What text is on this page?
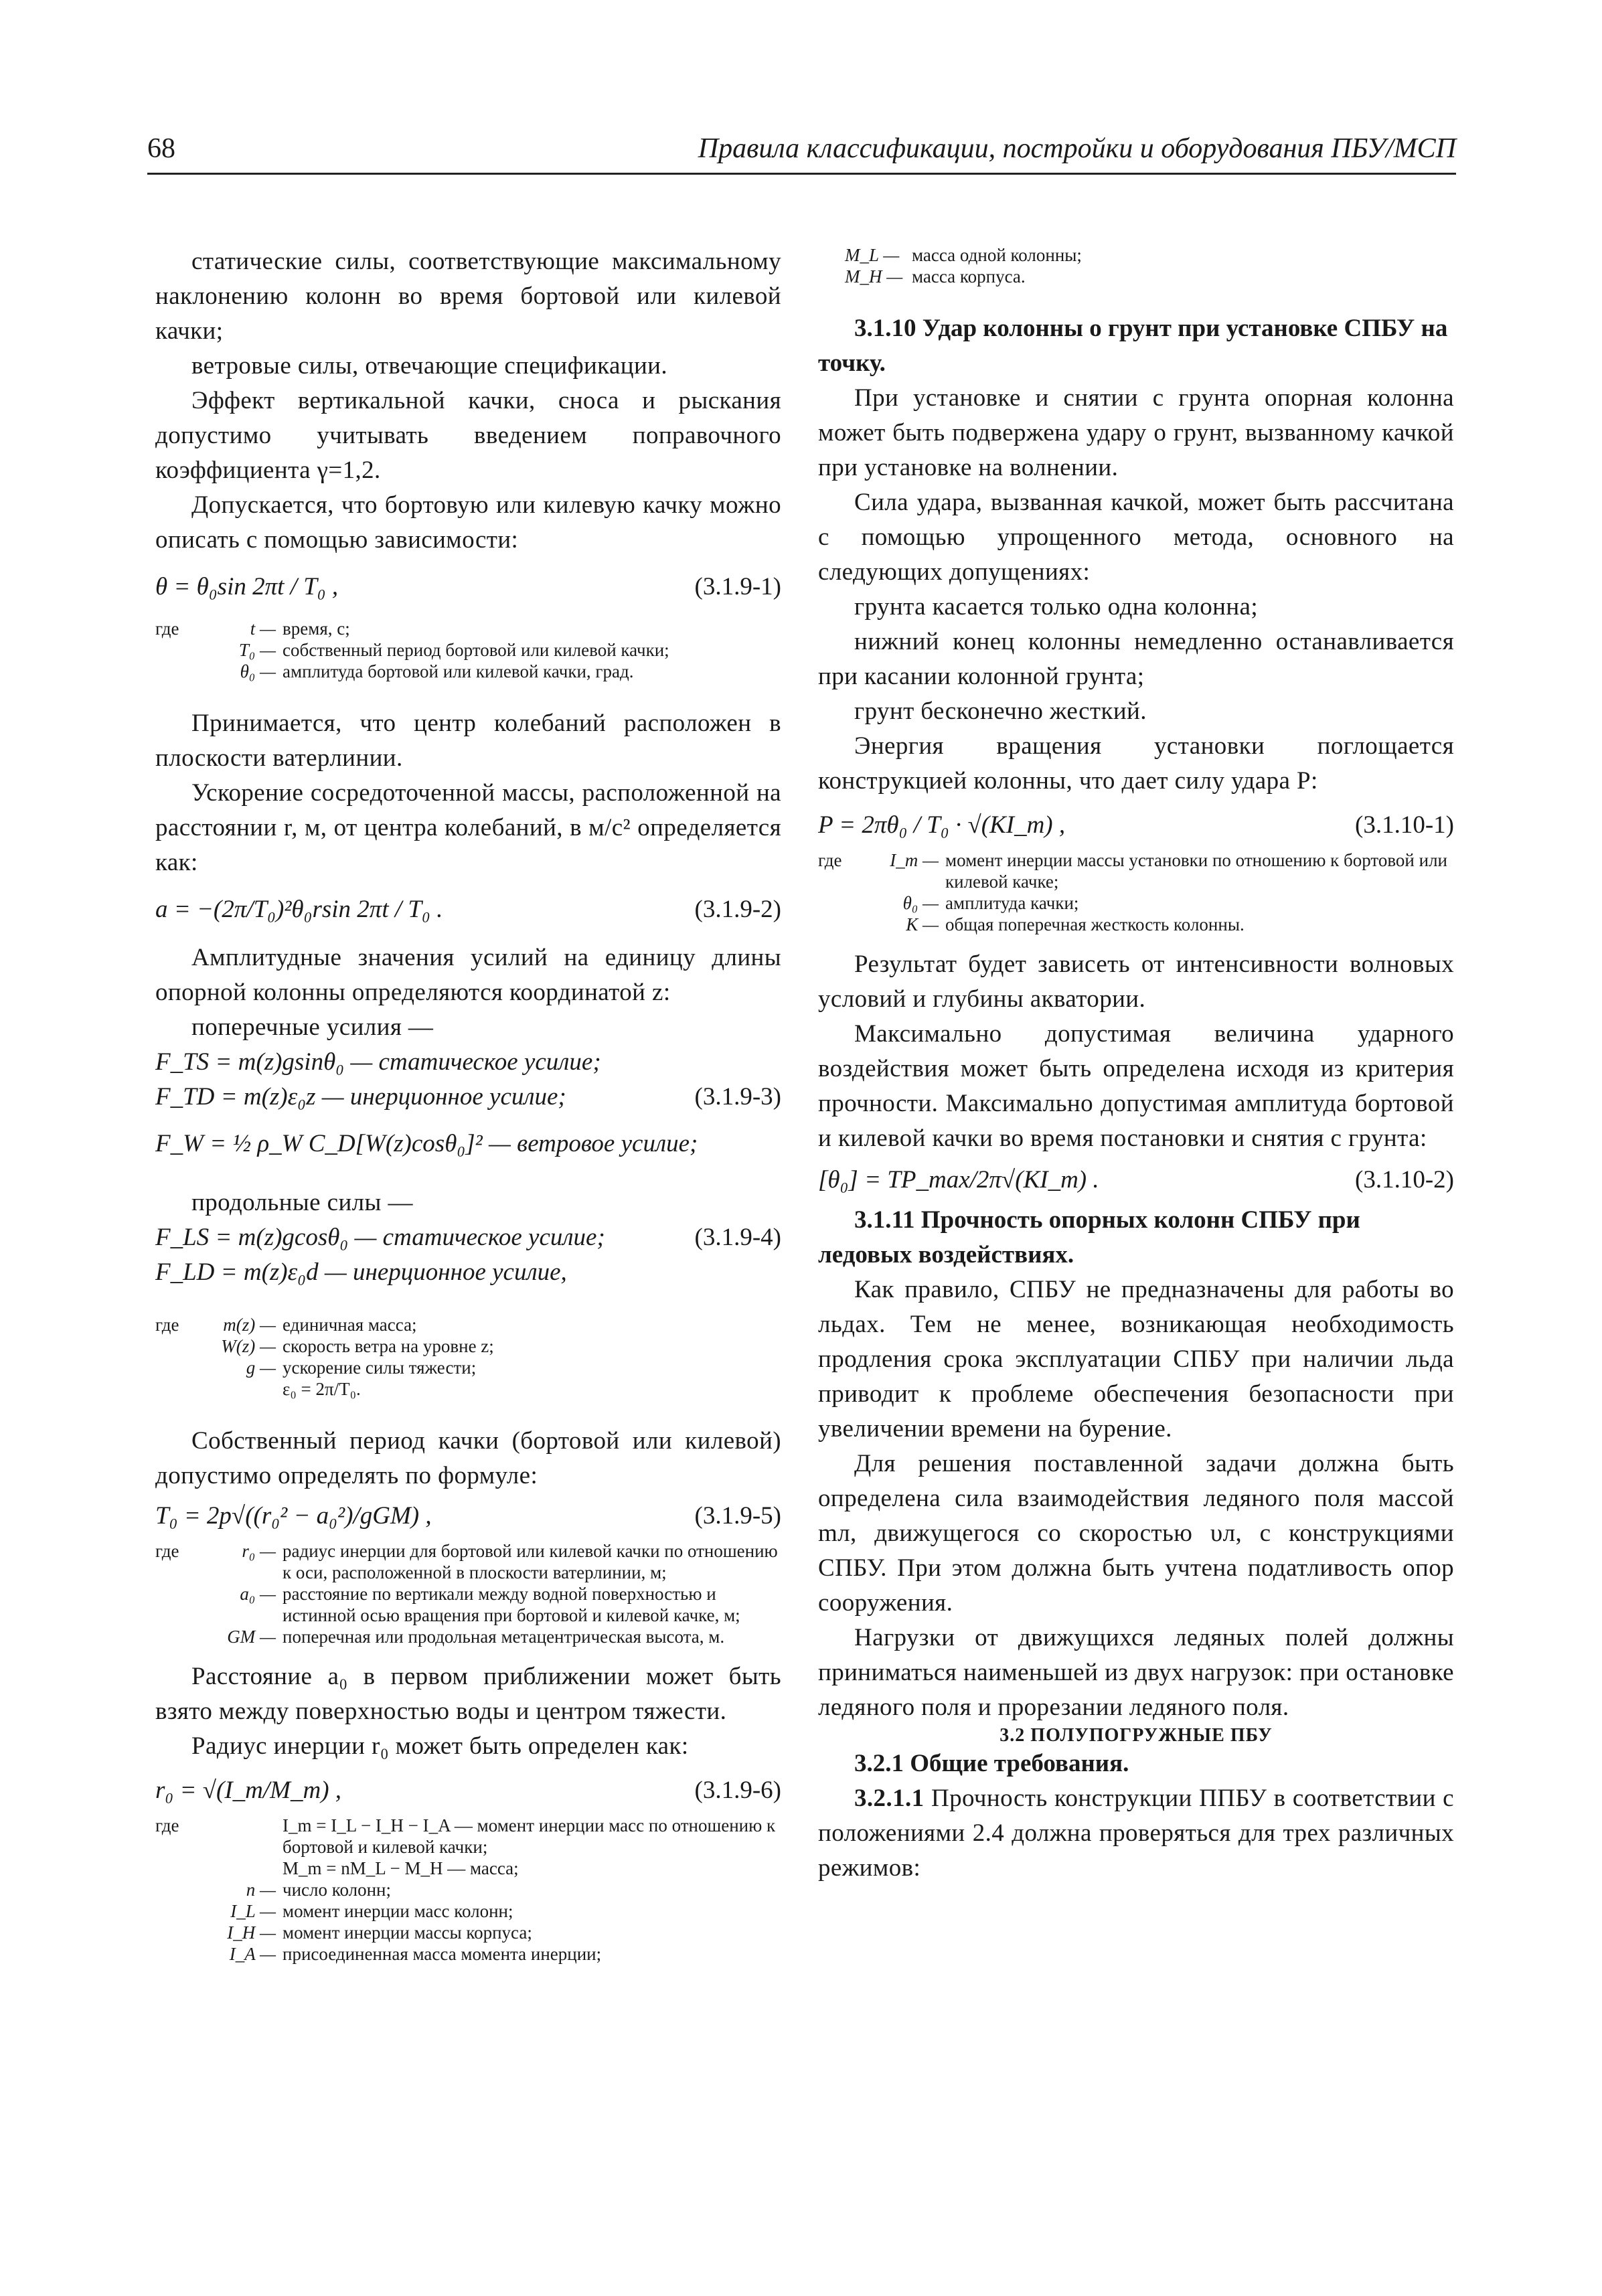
68	Правила классификации, постройки и оборудования ПБУ/МСП

статические силы, соответствующие максимальному наклонению колонн во время бортовой или килевой качки;

ветровые силы, отвечающие спецификации.

Эффект вертикальной качки, сноса и рыскания допустимо учитывать введением поправочного коэффициента γ=1,2.

Допускается, что бортовую или килевую качку можно описать с помощью зависимости:

θ = θ₀sin 2πt / T₀ ,	(3.1.9-1)
где	t — время, с;
T₀ — собственный период бортовой или килевой качки;
θ₀ — амплитуда бортовой или килевой качки, град.

Принимается, что центр колебаний расположен в плоскости ватерлинии.

Ускорение сосредоточенной массы, расположенной на расстоянии r, м, от центра колебаний, в м/с² определяется как:

a = −(2π/T₀)²θ₀rsin 2πt / T₀ .	(3.1.9-2)

Амплитудные значения усилий на единицу длины опорной колонны определяются координатой z:

поперечные усилия —

F_TS = m(z)gsinθ₀ — статическое усилие;
F_TD = m(z)ε₀z — инерционное усилие;	(3.1.9-3)
F_W = ½ ρ_W C_D[W(z)cosθ₀]² — ветровое усилие;

продольные силы —

F_LS = m(z)gcosθ₀ — статическое усилие;	(3.1.9-4)
F_LD = m(z)ε₀d — инерционное усилие,
где	m(z) — единичная масса;
W(z) — скорость ветра на уровне z;
g — ускорение силы тяжести;
ε₀ = 2π/T₀.

Собственный период качки (бортовой или килевой) допустимо определять по формуле:

T₀ = 2p√((r₀² − a₀²)/gGM) ,	(3.1.9-5)
где	r₀ — радиус инерции для бортовой или килевой качки по отношению к оси, расположенной в плоскости ватерлинии, м;
a₀ — расстояние по вертикали между водной поверхностью и истинной осью вращения при бортовой и килевой качке, м;
GM — поперечная или продольная метацентрическая высота, м.

Расстояние a₀ в первом приближении может быть взято между поверхностью воды и центром тяжести.

Радиус инерции r₀ может быть определен как:

r₀ = √(I_m/M_m) ,	(3.1.9-6)
где	I_m = I_L − I_H − I_A — момент инерции масс по отношению к бортовой и килевой качки;
M_m = nM_L − M_H — масса;
n — число колонн;
I_L — момент инерции масс колонн;
I_H — момент инерции массы корпуса;
I_A — присоединенная масса момента инерции;
M_L — масса одной колонны;
M_H — масса корпуса.

3.1.10 Удар колонны о грунт при установке СПБУ на точку.

При установке и снятии с грунта опорная колонна может быть подвержена удару о грунт, вызванному качкой при установке на волнении.

Сила удара, вызванная качкой, может быть рассчитана с помощью упрощенного метода, основного на следующих допущениях:

грунта касается только одна колонна;

нижний конец колонны немедленно останавливается при касании колонной грунта;

грунт бесконечно жесткий.

Энергия вращения установки поглощается конструкцией колонны, что дает силу удара P:

P = 2πθ₀ / T₀ · √(KI_m) ,	(3.1.10-1)
где	I_m — момент инерции массы установки по отношению к бортовой или килевой качке;
θ₀ — амплитуда качки;
K — общая поперечная жесткость колонны.

Результат будет зависеть от интенсивности волновых условий и глубины акватории.

Максимально допустимая величина ударного воздействия может быть определена исходя из критерия прочности. Максимально допустимая амплитуда бортовой и килевой качки во время постановки и снятия с грунта:

[θ₀] = TP_max/2π√(KI_m) .	(3.1.10-2)

3.1.11 Прочность опорных колонн СПБУ при ледовых воздействиях.

Как правило, СПБУ не предназначены для работы во льдах. Тем не менее, возникающая необходимость продления срока эксплуатации СПБУ при наличии льда приводит к проблеме обеспечения безопасности при увеличении времени на бурение.

Для решения поставленной задачи должна быть определена сила взаимодействия ледяного поля массой mл, движущегося со скоростью υл, с конструкциями СПБУ. При этом должна быть учтена податливость опор сооружения.

Нагрузки от движущихся ледяных полей должны приниматься наименьшей из двух нагрузок: при остановке ледяного поля и прорезании ледяного поля.

3.2 ПОЛУПОГРУЖНЫЕ ПБУ

3.2.1 Общие требования.

3.2.1.1 Прочность конструкции ППБУ в соответствии с положениями 2.4 должна проверяться для трех различных режимов:
